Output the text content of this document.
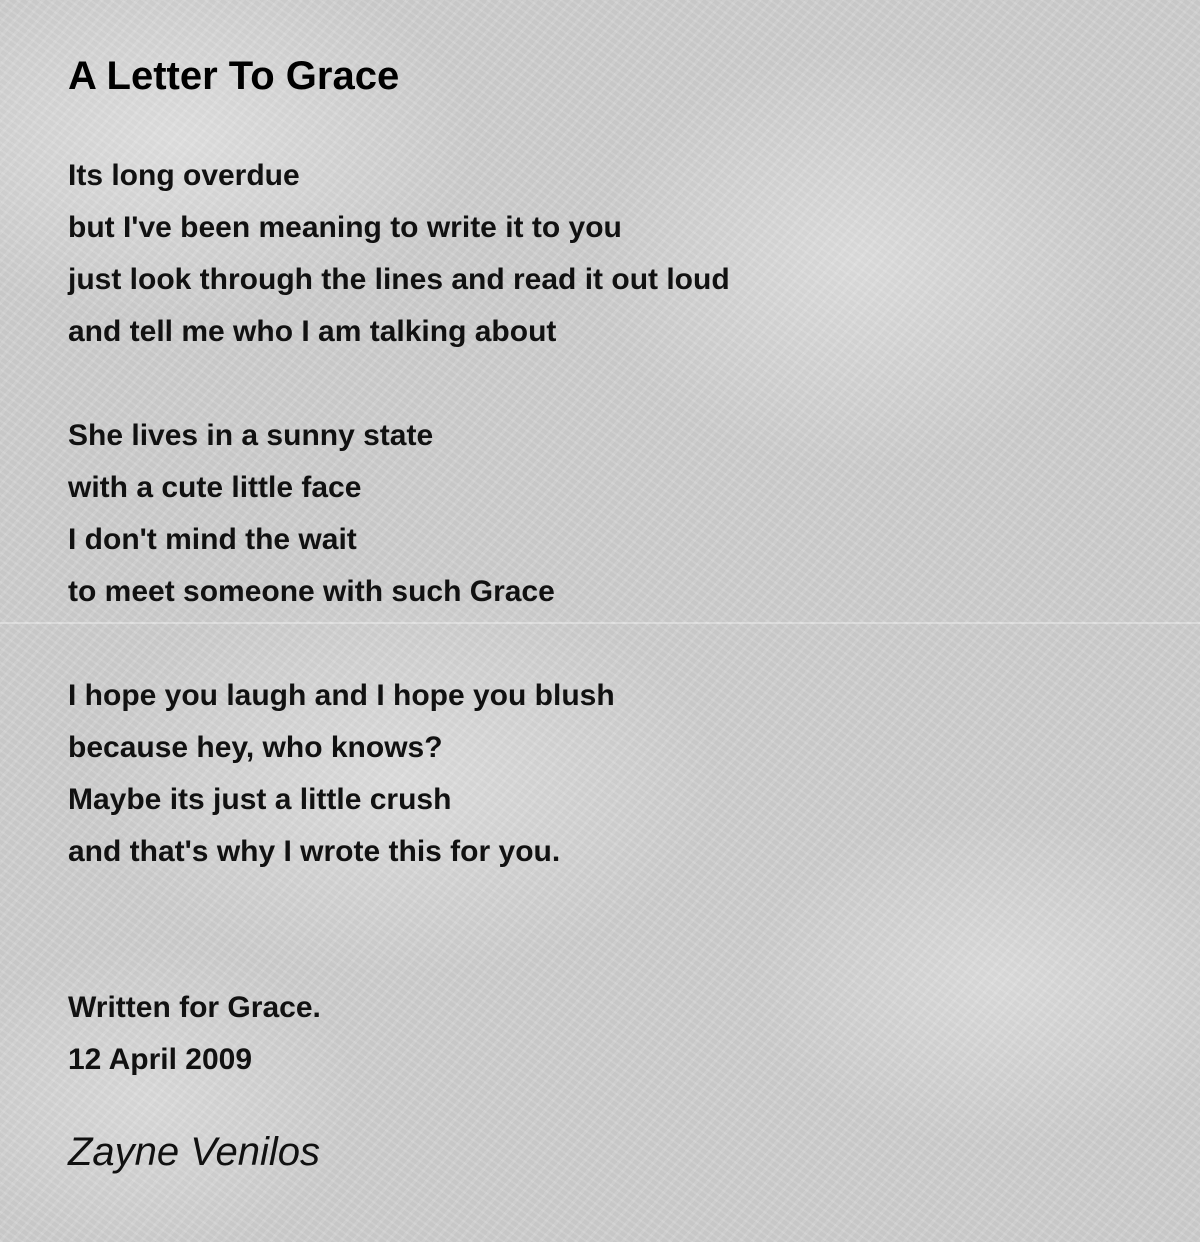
A Letter To Grace
Its long overdue
but I've been meaning to write it to you
just look through the lines and read it out loud
and tell me who I am talking about
She lives in a sunny state
with a cute little face
I don't mind the wait
to meet someone with such Grace
I hope you laugh and I hope you blush
because hey, who knows?
Maybe its just a little crush
and that's why I wrote this for you.
Written for Grace.
12 April 2009
Zayne Venilos
